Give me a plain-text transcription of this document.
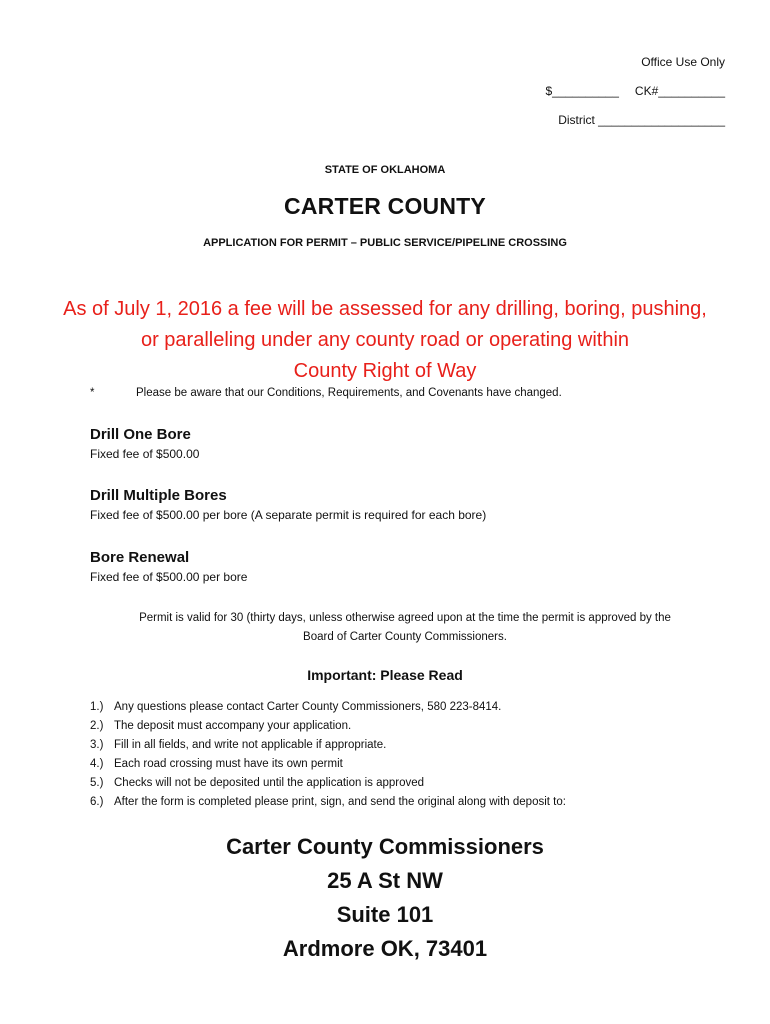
Office Use Only
$__________ CK#__________
District ___________________
STATE OF OKLAHOMA
CARTER COUNTY
APPLICATION FOR PERMIT – PUBLIC SERVICE/PIPELINE CROSSING
As of July 1, 2016 a fee will be assessed for any drilling, boring, pushing,
or paralleling under any county road or operating within
County Right of Way
*	Please be aware that our Conditions, Requirements, and Covenants have changed.
Drill One Bore

Fixed fee of $500.00

Drill Multiple Bores

Fixed fee of $500.00 per bore (A separate permit is required for each bore)

Bore Renewal

Fixed fee of $500.00 per bore

Permit is valid for 30 (thirty days, unless otherwise agreed upon at the time the permit is approved by the
Board of Carter County Commissioners.
Important: Please Read
1.) Any questions please contact Carter County Commissioners, 580 223-8414.
2.) The deposit must accompany your application.
3.) Fill in all fields, and write not applicable if appropriate.
4.) Each road crossing must have its own permit
5.) Checks will not be deposited until the application is approved
6.) After the form is completed please print, sign, and send the original along with deposit to:
Carter County Commissioners
25 A St NW
Suite 101
Ardmore OK, 73401
